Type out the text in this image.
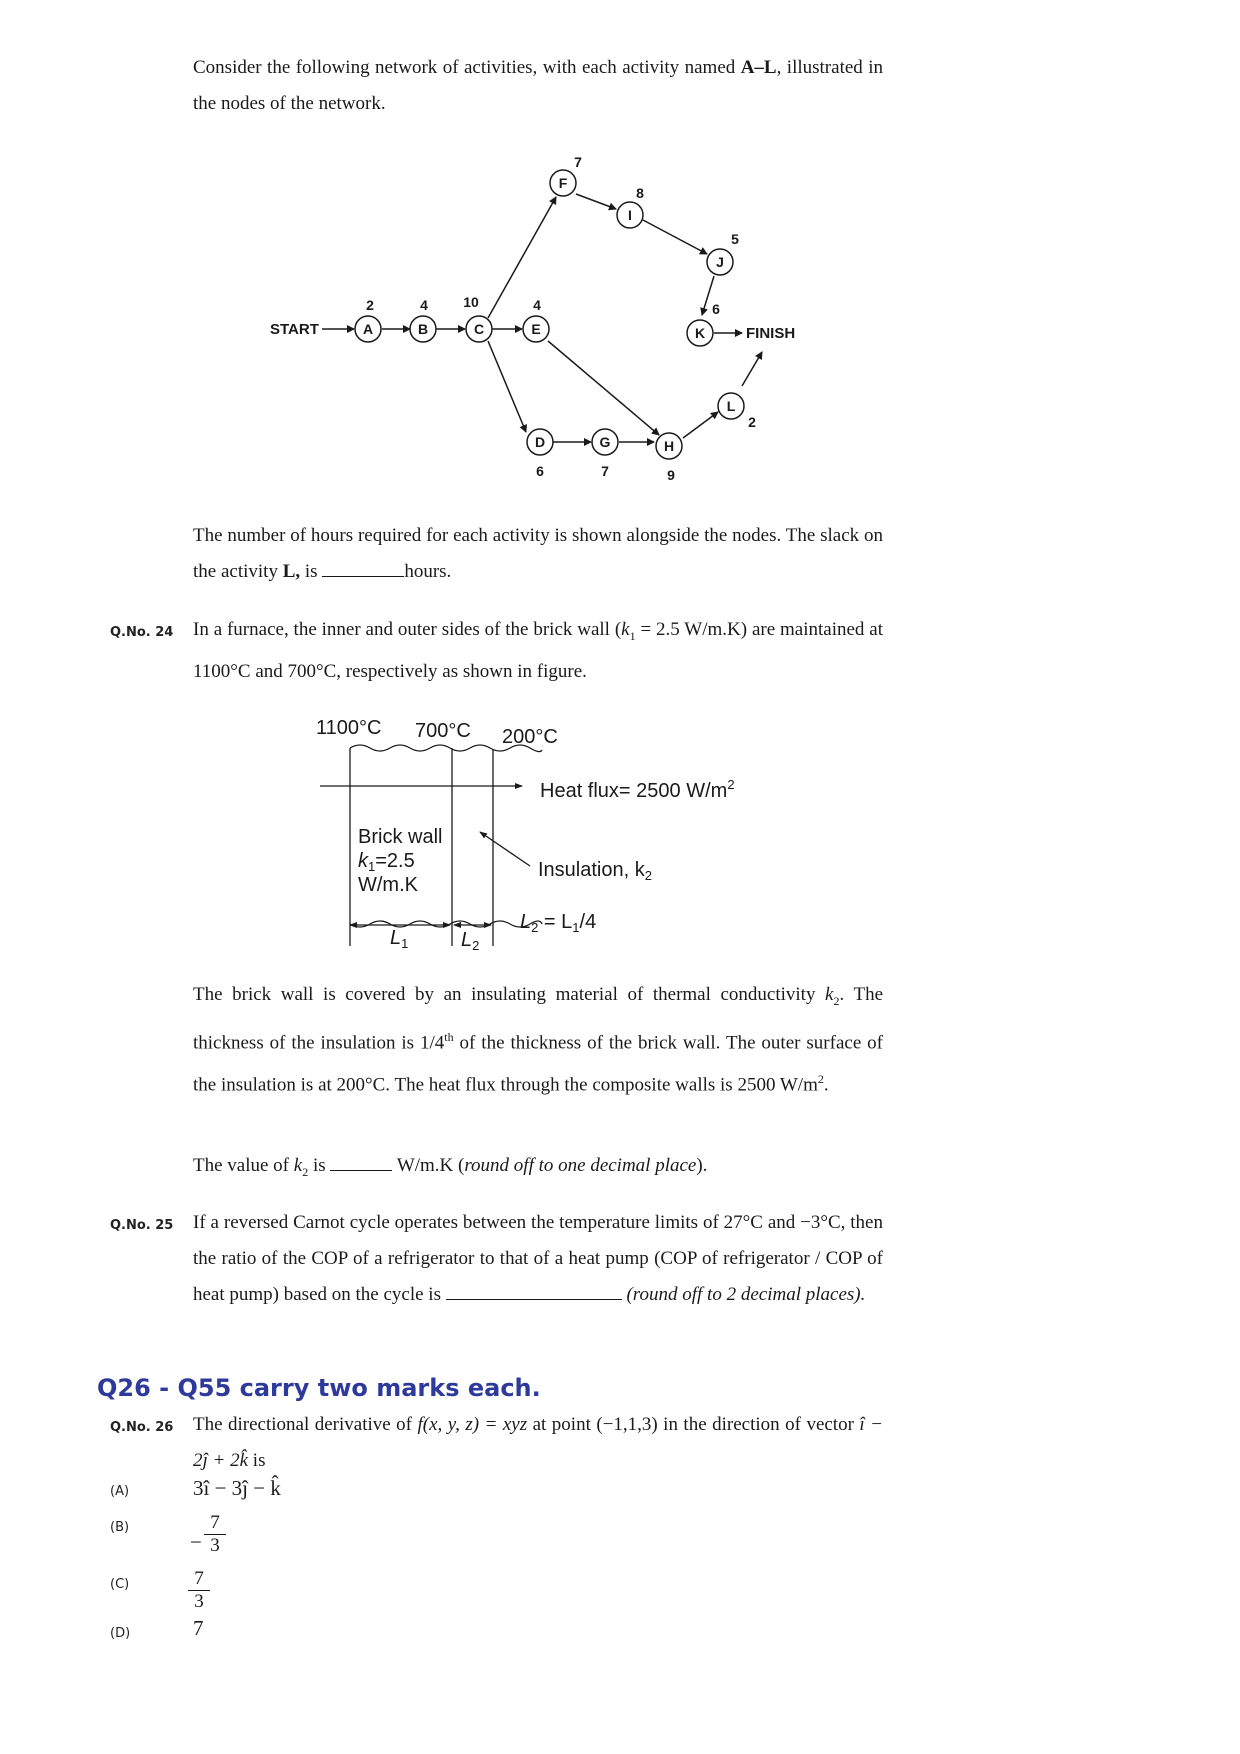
Consider the following network of activities, with each activity named A–L, illustrated in the nodes of the network.
A	B	C	E
F
I
J
K
D	G	H
L
2	4	10	4
7
8
5
6
6	7	9
2
START	FINISH
The number of hours required for each activity is shown alongside the nodes. The slack on the activity L, is	hours.
Q.No. 24 In a furnace, the inner and outer sides of the brick wall ($k_1 = 2.5$ W/m.K) are maintained at 1100°C and 700°C, respectively as shown in figure.
1100°C 700°C 200°C
Heat flux= 2500 $W/m^2$
Brick wall
$k_1=2.5$
W/m.K
Insulation, $k_2$
$L_2 = L_1/4$
$L_1$	$L_2$
The brick wall is covered by an insulating material of thermal conductivity $k_2$. The thickness of the insulation is 1/4th of the thickness of the brick wall. The outer surface of the insulation is at 200°C. The heat flux through the composite walls is 2500 $W/m^2$.
The value of $k_2$ is	W/m.K (round off to one decimal place).
Q.No. 25 If a reversed Carnot cycle operates between the temperature limits of 27°C and −3°C, then the ratio of the COP of a refrigerator to that of a heat pump (COP of refrigerator / COP of heat pump) based on the cycle is	(round off to 2 decimal places).
Q26 - Q55 carry two marks each.
Q.No. 26 The directional derivative of f(x, y, z) = xyz at point (−1,1,3) in the direction of vector î − 2ĵ + 2k̂ is
(A)	3î − 3ĵ − k̂
(B)
−
7
3
(C)	7
3
(D)	7
